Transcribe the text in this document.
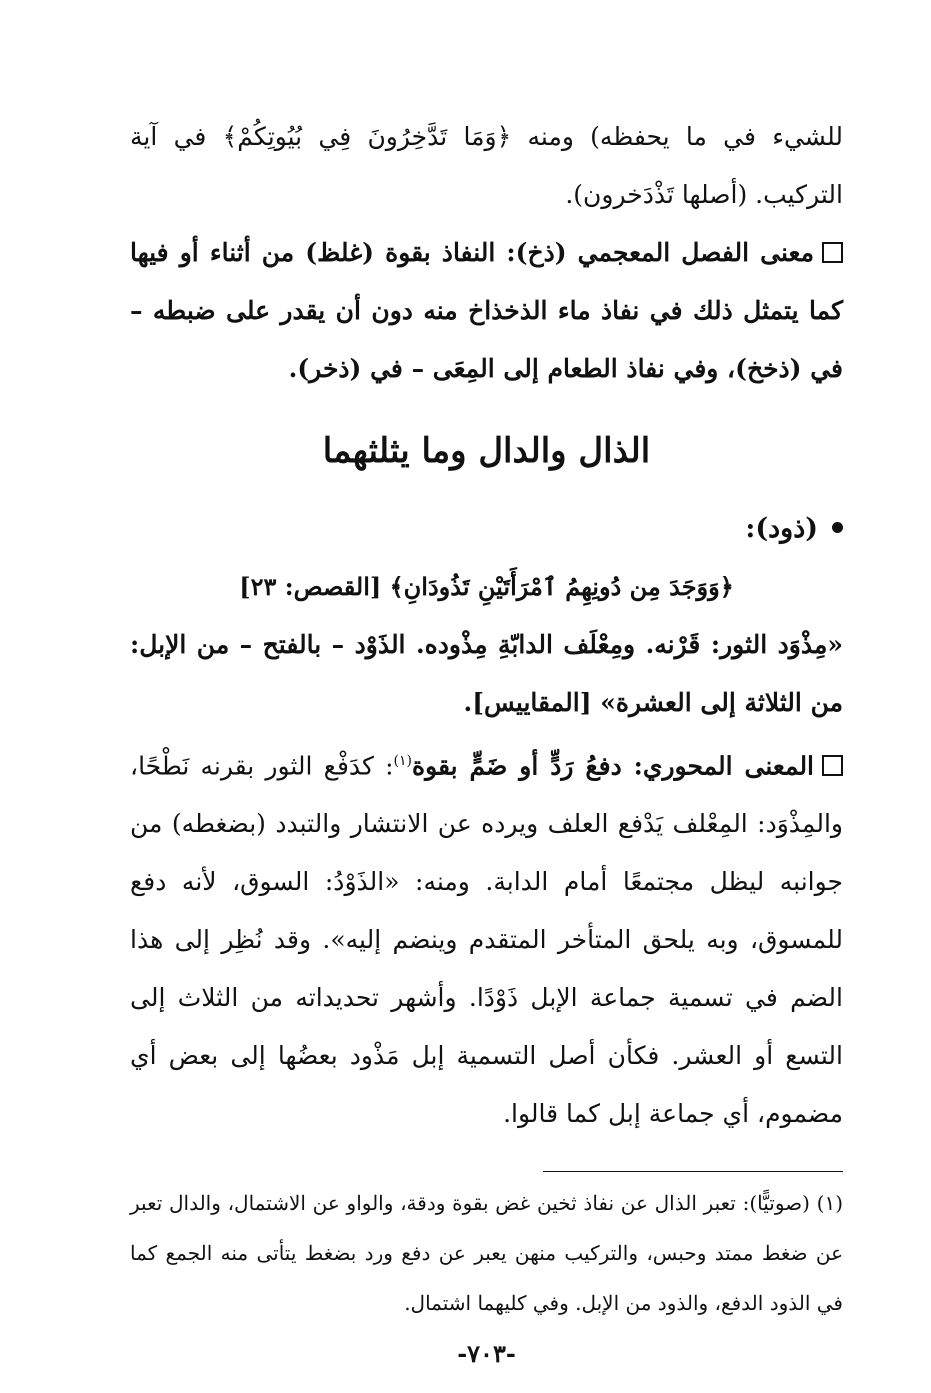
للشيء في ما يحفظه) ومنه ﴿وَمَا تَدَّخِرُونَ فِي بُيُوتِكُمْ﴾ في آية التركيب. (أصلها تَذْدَخرون).

معنى الفصل المعجمي (ذخ): النفاذ بقوة (غلظ) من أثناء أو فيها كما يتمثل ذلك في نفاذ ماء الذخذاخ منه دون أن يقدر على ضبطه – في (ذخخ)، وفي نفاذ الطعام إلى المِعَى – في (ذخر).

الذال والدال وما يثلثهما

(ذود):

﴿وَوَجَدَ مِن دُونِهِمُ ٱمْرَأَتَيْنِ تَذُودَانِ﴾ [القصص: ٢٣]

«مِذْوَد الثور: قَرْنه. ومِعْلَف الدابّةِ مِذْوده. الذَوْد – بالفتح – من الإبل: من الثلاثة إلى العشرة» [المقاييس].

المعنى المحوري: دفعُ رَدٍّ أو ضَمٍّ بقوة$^{(١)}$: كدَفْع الثور بقرنه نَطْحًا، والمِذْوَد: المِعْلف يَدْفع العلف ويرده عن الانتشار والتبدد (بضغطه) من جوانبه ليظل مجتمعًا أمام الدابة. ومنه: «الذَوْدُ: السوق، لأنه دفع للمسوق، وبه يلحق المتأخر المتقدم وينضم إليه». وقد نُظِر إلى هذا الضم في تسمية جماعة الإبل ذَوْدًا. وأشهر تحديداته من الثلاث إلى التسع أو العشر. فكأن أصل التسمية إبل مَذْود بعضُها إلى بعض أي مضموم، أي جماعة إبل كما قالوا.

(١) (صوتيًّا): تعبر الذال عن نفاذ ثخين غض بقوة ودقة، والواو عن الاشتمال، والدال تعبر عن ضغط ممتد وحبس، والتركيب منهن يعبر عن دفع ورد بضغط يتأتى منه الجمع كما في الذود الدفع، والذود من الإبل. وفي كليهما اشتمال.

-٧٠٣-
